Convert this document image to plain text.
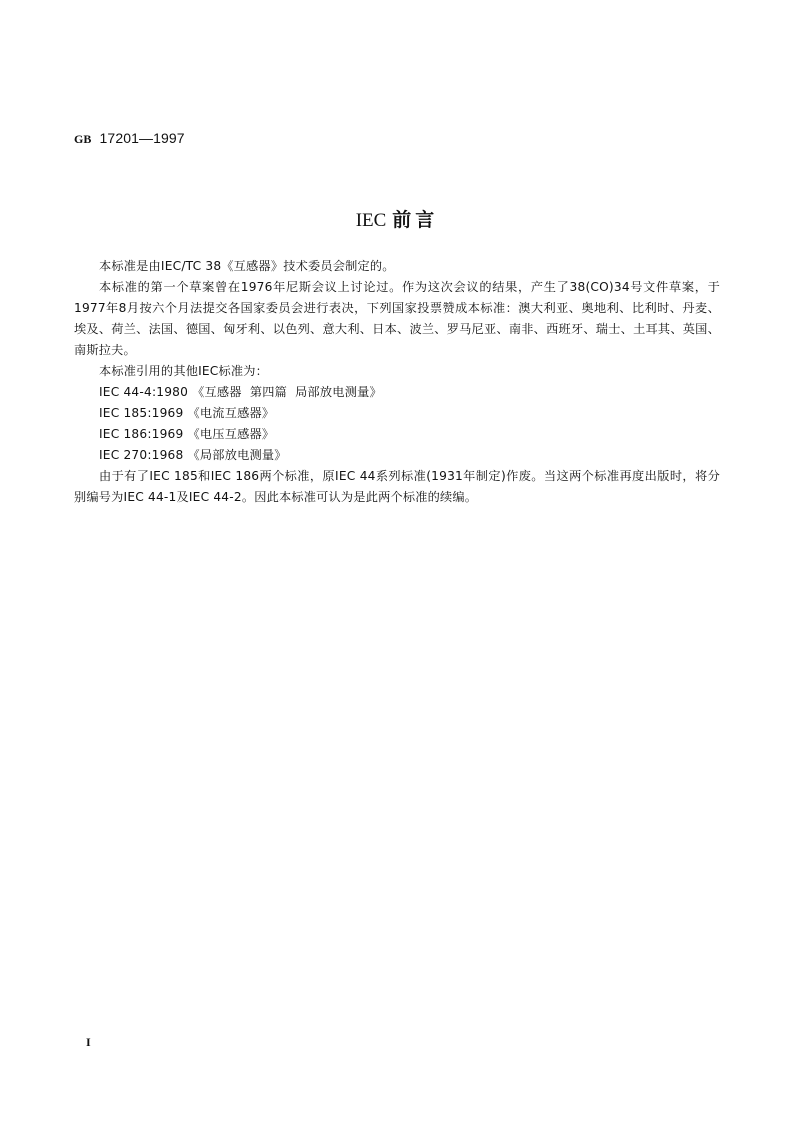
GB 17201—1997
IEC 前言

本标准是由IEC/TC 38《互感器》技术委员会制定的。

本标准的第一个草案曾在1976年尼斯会议上讨论过。作为这次会议的结果，产生了38(CO)34号文件草案，于1977年8月按六个月法提交各国家委员会进行表决，下列国家投票赞成本标准：澳大利亚、奥地利、比利时、丹麦、埃及、荷兰、法国、德国、匈牙利、以色列、意大利、日本、波兰、罗马尼亚、南非、西班牙、瑞士、土耳其、英国、南斯拉夫。

本标准引用的其他IEC标准为：

IEC 44-4:1980 《互感器  第四篇  局部放电测量》

IEC 185:1969 《电流互感器》

IEC 186:1969 《电压互感器》

IEC 270:1968 《局部放电测量》

由于有了IEC 185和IEC 186两个标准，原IEC 44系列标准(1931年制定)作废。当这两个标准再度出版时，将分别编号为IEC 44-1及IEC 44-2。因此本标准可认为是此两个标准的续编。

I
